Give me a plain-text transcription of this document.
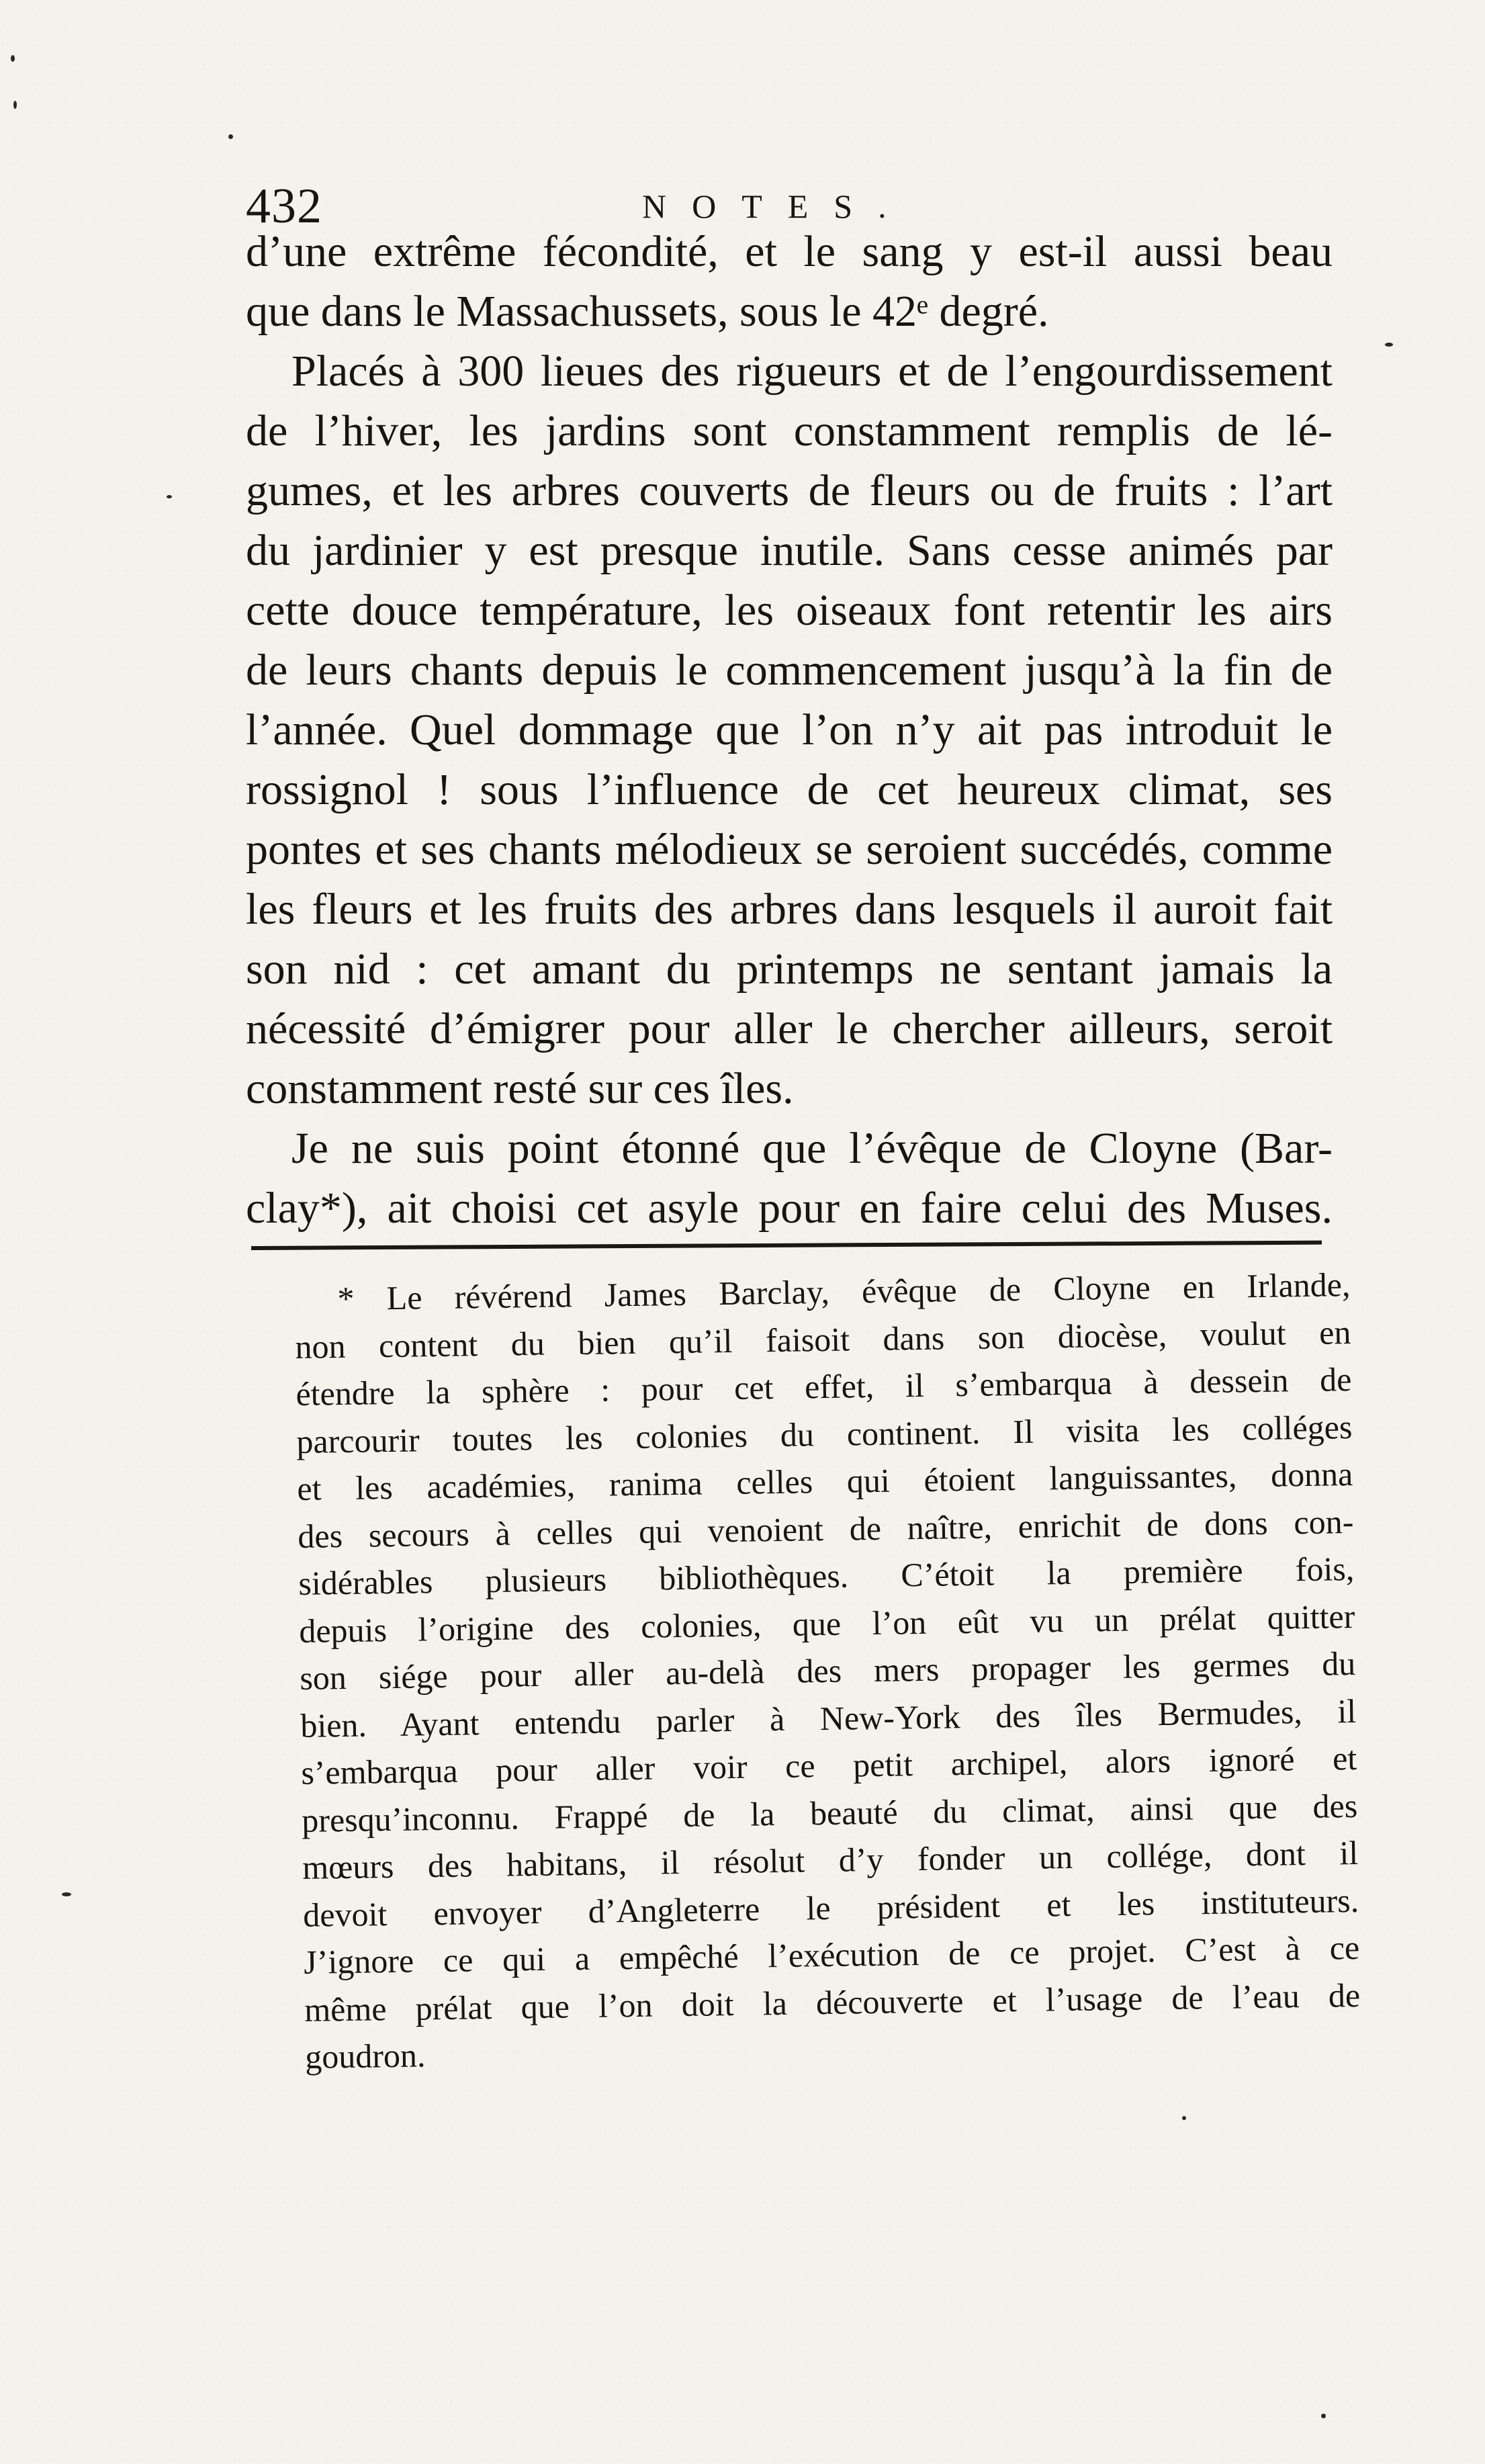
432	NOTES.
d’une extrême fécondité, et le sang y est-il aussi beau
que dans le Massachussets, sous le 42ᵉ degré.
Placés à 300 lieues des rigueurs et de l’engourdissement
de l’hiver, les jardins sont constamment remplis de lé-
gumes, et les arbres couverts de fleurs ou de fruits : l’art
du jardinier y est presque inutile. Sans cesse animés par
cette douce température, les oiseaux font retentir les airs
de leurs chants depuis le commencement jusqu’à la fin de
l’année. Quel dommage que l’on n’y ait pas introduit le
rossignol ! sous l’influence de cet heureux climat, ses
pontes et ses chants mélodieux se seroient succédés, comme
les fleurs et les fruits des arbres dans lesquels il auroit fait
son nid : cet amant du printemps ne sentant jamais la
nécessité d’émigrer pour aller le chercher ailleurs, seroit
constamment resté sur ces îles.
Je ne suis point étonné que l’évêque de Cloyne (Bar-
clay*), ait choisi cet asyle pour en faire celui des Muses.
* Le révérend James Barclay, évêque de Cloyne en Irlande,
non content du bien qu’il faisoit dans son diocèse, voulut en
étendre la sphère : pour cet effet, il s’embarqua à dessein de
parcourir toutes les colonies du continent. Il visita les colléges
et les académies, ranima celles qui étoient languissantes, donna
des secours à celles qui venoient de naître, enrichit de dons con-
sidérables plusieurs bibliothèques. C’étoit la première fois,
depuis l’origine des colonies, que l’on eût vu un prélat quitter
son siége pour aller au-delà des mers propager les germes du
bien. Ayant entendu parler à New-York des îles Bermudes, il
s’embarqua pour aller voir ce petit archipel, alors ignoré et
presqu’inconnu. Frappé de la beauté du climat, ainsi que des
mœurs des habitans, il résolut d’y fonder un collége, dont il
devoit envoyer d’Angleterre le président et les instituteurs.
J’ignore ce qui a empêché l’exécution de ce projet. C’est à ce
même prélat que l’on doit la découverte et l’usage de l’eau de
goudron.
